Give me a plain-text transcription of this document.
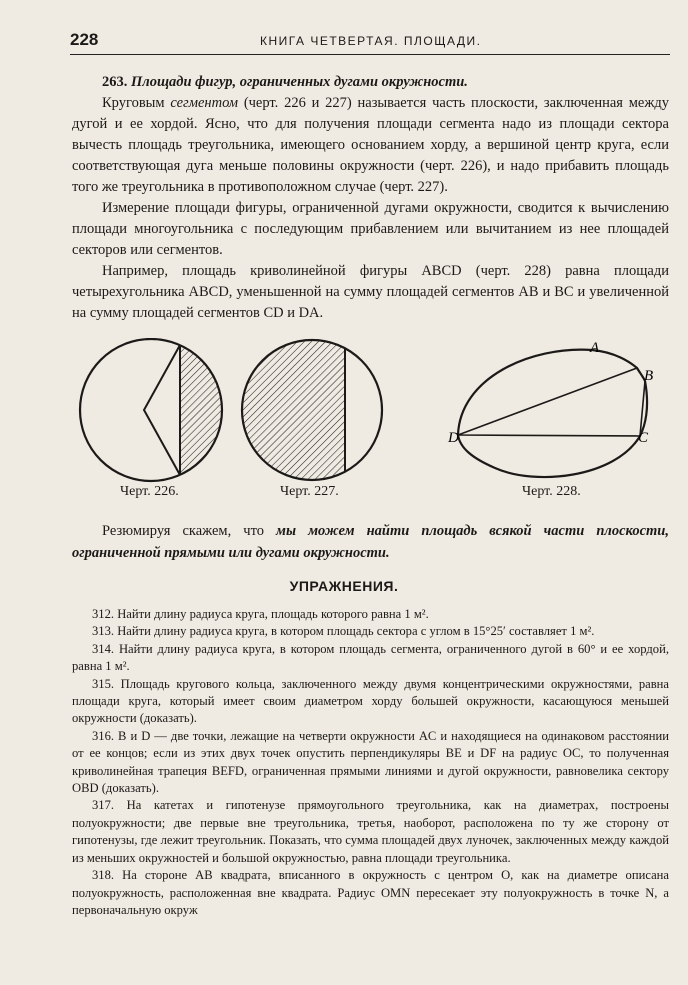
228	КНИГА ЧЕТВЕРТАЯ. ПЛОЩАДИ.

263. Площади фигур, ограниченных дугами окружности.

Круговым сегментом (черт. 226 и 227) называется часть плоскости, заключенная между дугой и ее хордой. Ясно, что для получения площади сегмента надо из площади сектора вычесть площадь треугольника, имеющего основанием хорду, а вершиной центр круга, если соответствующая дуга меньше половины окружности (черт. 226), и надо прибавить площадь того же треугольника в противоположном случае (черт. 227).

Измерение площади фигуры, ограниченной дугами окружности, сводится к вычислению площади многоугольника с последующим прибавлением или вычитанием из нее площадей секторов или сегментов.

Например, площадь криволинейной фигуры ABCD (черт. 228) равна площади четырехугольника ABCD, уменьшенной на сумму площадей сегментов AB и BC и увеличенной на сумму площадей сегментов CD и DA.

A
B
C
D
Черт. 226.	Черт. 227.	Черт. 228.

Резюмируя скажем, что мы можем найти площадь всякой части плоскости, ограниченной прямыми или дугами окружности.

УПРАЖНЕНИЯ.

312. Найти длину радиуса круга, площадь которого равна 1 м².

313. Найти длину радиуса круга, в котором площадь сектора с углом в 15°25′ составляет 1 м².

314. Найти длину радиуса круга, в котором площадь сегмента, ограниченного дугой в 60° и ее хордой, равна 1 м².

315. Площадь кругового кольца, заключенного между двумя концентрическими окружностями, равна площади круга, который имеет своим диаметром хорду большей окружности, касающуюся меньшей окружности (доказать).

316. B и D — две точки, лежащие на четверти окружности AC и находящиеся на одинаковом расстоянии от ее концов; если из этих двух точек опустить перпендикуляры BE и DF на радиус OC, то полученная криволинейная трапеция BEFD, ограниченная прямыми линиями и дугой окружности, равновелика сектору OBD (доказать).

317. На катетах и гипотенузе прямоугольного треугольника, как на диаметрах, построены полуокружности; две первые вне треугольника, третья, наоборот, расположена по ту же сторону от гипотенузы, где лежит треугольник. Показать, что сумма площадей двух луночек, заключенных между каждой из меньших окружностей и большой окружностью, равна площади треугольника.

318. На стороне AB квадрата, вписанного в окружность с центром O, как на диаметре описана полуокружность, расположенная вне квадрата. Радиус OMN пересекает эту полуокружность в точке N, а первоначальную окруж
